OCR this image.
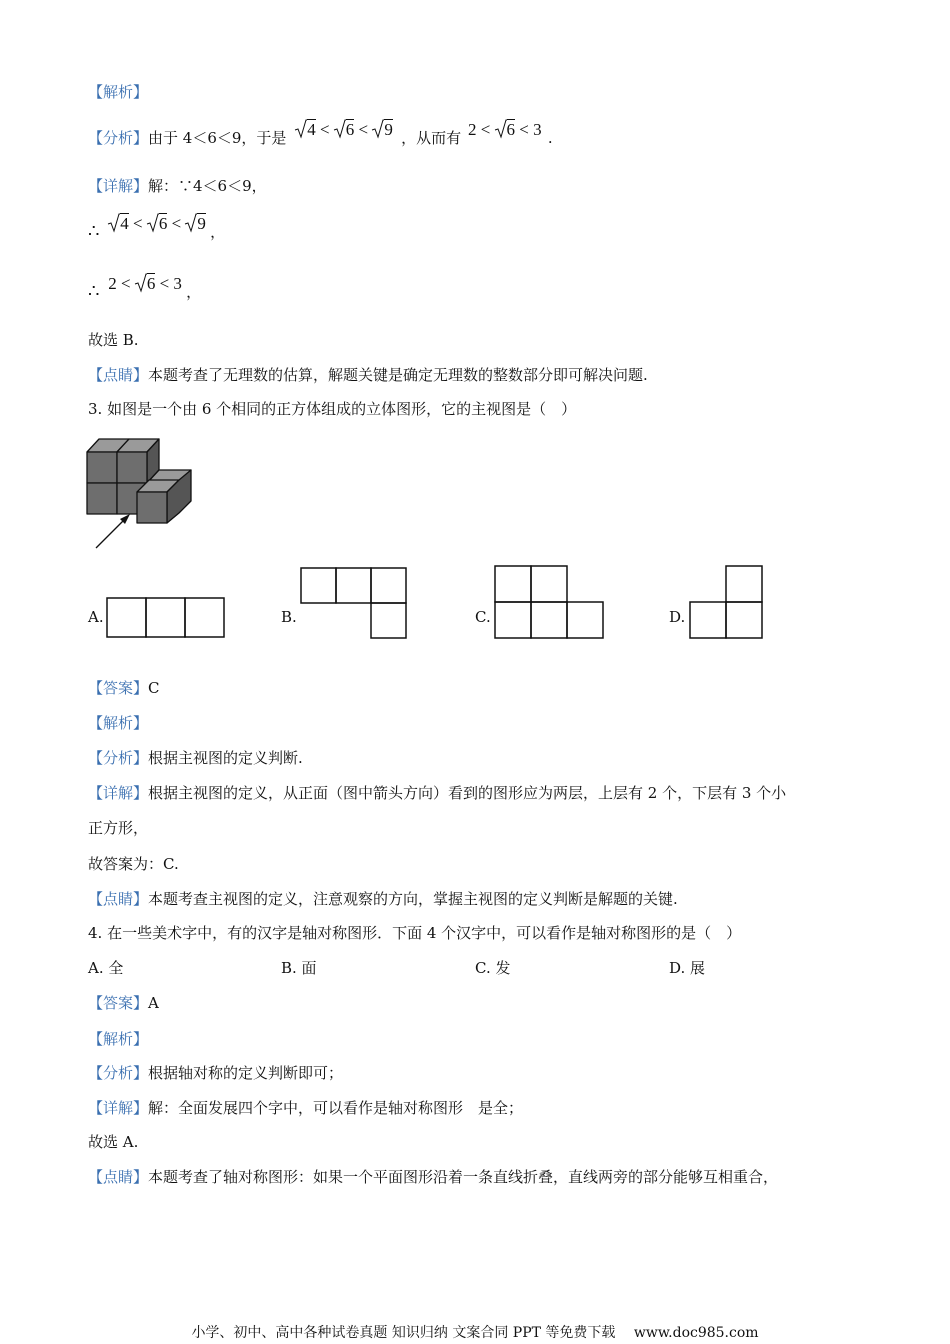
【解析】
【分析】由于 4＜6＜9，于是 4 < 6 < 9 ，从而有 2 < 6 < 3 .
【详解】解：∵4＜6＜9，
∴ 4 < 6 < 9 ，
∴ 2 < 6 < 3 ，
故选 B.
【点睛】本题考查了无理数的估算，解题关键是确定无理数的整数部分即可解决问题.
3. 如图是一个由 6 个相同的正方体组成的立体图形，它的主视图是（　）
A.	B.	C.	D.
【答案】C
【解析】
【分析】根据主视图的定义判断.
【详解】根据主视图的定义，从正面（图中箭头方向）看到的图形应为两层，上层有 2 个，下层有 3 个小
正方形，
故答案为：C.
【点睛】本题考查主视图的定义，注意观察的方向，掌握主视图的定义判断是解题的关键.
4. 在一些美术字中，有的汉字是轴对称图形．下面 4 个汉字中，可以看作是轴对称图形的是（　）
A. 全	B. 面	C. 发	D. 展
【答案】A
【解析】
【分析】根据轴对称的定义判断即可；
【详解】解：全面发展四个字中，可以看作是轴对称图形　是全；
故选 A.
【点睛】本题考查了轴对称图形：如果一个平面图形沿着一条直线折叠，直线两旁的部分能够互相重合，
小学、初中、高中各种试卷真题 知识归纳 文案合同 PPT 等免费下载　 www.doc985.com
